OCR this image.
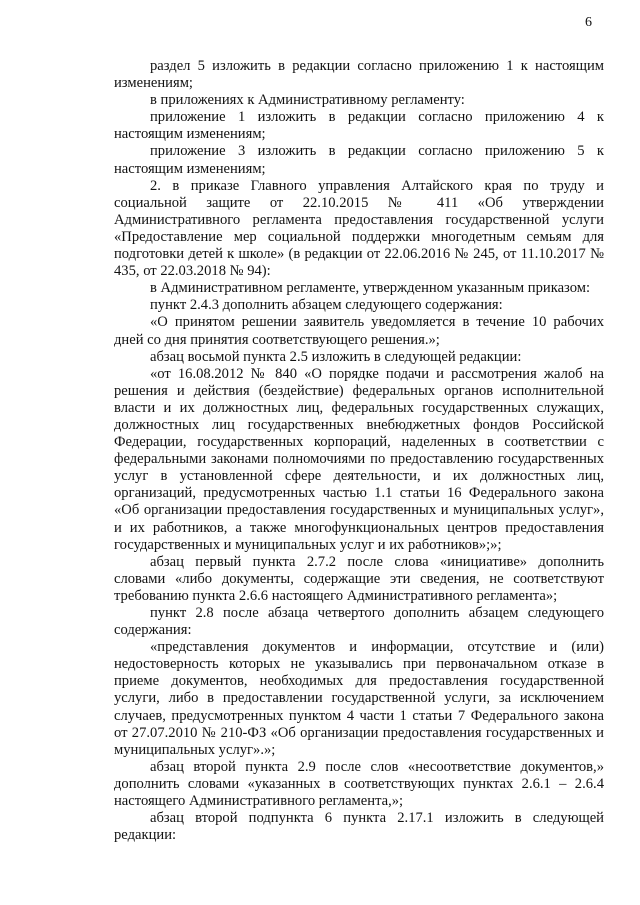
6

раздел 5 изложить в редакции согласно приложению 1 к настоящим изменениям;

в приложениях к Административному регламенту:

приложение 1 изложить в редакции согласно приложению 4 к настоящим изменениям;

приложение 3 изложить в редакции согласно приложению 5 к настоящим изменениям;

2. в приказе Главного управления Алтайского края по труду и социальной защите от 22.10.2015 № 411 «Об утверждении Административного регламента предоставления государственной услуги «Предоставление мер социальной поддержки многодетным семьям для подготовки детей к школе» (в редакции от 22.06.2016 № 245, от 11.10.2017 № 435, от 22.03.2018 № 94):

в Административном регламенте, утвержденном указанным приказом:

пункт 2.4.3 дополнить абзацем следующего содержания:

«О принятом решении заявитель уведомляется в течение 10 рабочих дней со дня принятия соответствующего решения.»;

абзац восьмой пункта 2.5 изложить в следующей редакции:

«от 16.08.2012 № 840 «О порядке подачи и рассмотрения жалоб на решения и действия (бездействие) федеральных органов исполнительной власти и их должностных лиц, федеральных государственных служащих, должностных лиц государственных внебюджетных фондов Российской Федерации, государственных корпораций, наделенных в соответствии с федеральными законами полномочиями по предоставлению государственных услуг в установленной сфере деятельности, и их должностных лиц, организаций, предусмотренных частью 1.1 статьи 16 Федерального закона «Об организации предоставления государственных и муниципальных услуг», и их работников, а также многофункциональных центров предоставления государственных и муниципальных услуг и их работников»;»;

абзац первый пункта 2.7.2 после слова «инициативе» дополнить словами «либо документы, содержащие эти сведения, не соответствуют требованию пункта 2.6.6 настоящего Административного регламента»;

пункт 2.8 после абзаца четвертого дополнить абзацем следующего содержания:

«представления документов и информации, отсутствие и (или) недостоверность которых не указывались при первоначальном отказе в приеме документов, необходимых для предоставления государственной услуги, либо в предоставлении государственной услуги, за исключением случаев, предусмотренных пунктом 4 части 1 статьи 7 Федерального закона от 27.07.2010 № 210-ФЗ «Об организации предоставления государственных и муниципальных услуг».»;

абзац второй пункта 2.9 после слов «несоответствие документов,» дополнить словами «указанных в соответствующих пунктах 2.6.1 – 2.6.4 настоящего Административного регламента,»;

абзац второй подпункта 6 пункта 2.17.1 изложить в следующей редакции:
